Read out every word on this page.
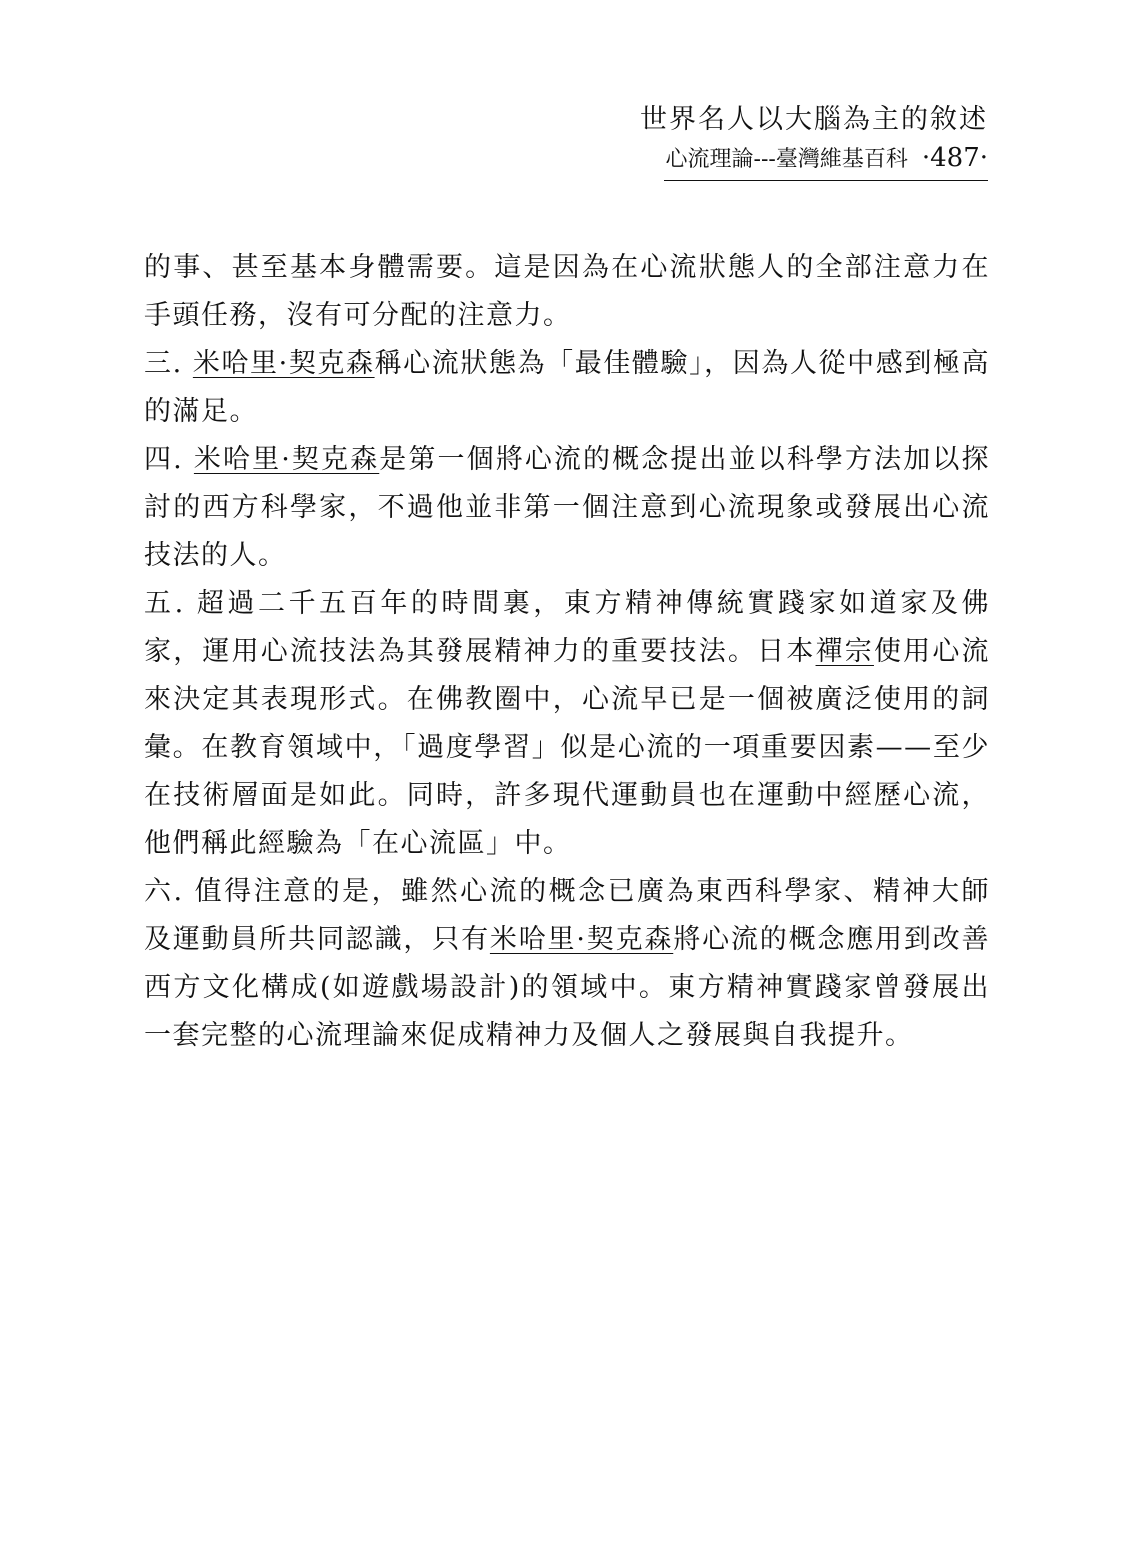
世界名人以大腦為主的敘述
心流理論---臺灣維基百科 ·487·

的事、甚至基本身體需要。這是因為在心流狀態人的全部注意力在手頭任務，沒有可分配的注意力。

三. 米哈里·契克森稱心流狀態為「最佳體驗」，因為人從中感到極高的滿足。

四. 米哈里·契克森是第一個將心流的概念提出並以科學方法加以探討的西方科學家，不過他並非第一個注意到心流現象或發展出心流技法的人。

五. 超過二千五百年的時間裏，東方精神傳統實踐家如道家及佛家，運用心流技法為其發展精神力的重要技法。日本禪宗使用心流來決定其表現形式。在佛教圈中，心流早已是一個被廣泛使用的詞彙。在教育領域中，「過度學習」似是心流的一項重要因素——至少在技術層面是如此。同時，許多現代運動員也在運動中經歷心流，他們稱此經驗為「在心流區」中。

六. 值得注意的是，雖然心流的概念已廣為東西科學家、精神大師及運動員所共同認識，只有米哈里·契克森將心流的概念應用到改善西方文化構成(如遊戲場設計)的領域中。東方精神實踐家曾發展出一套完整的心流理論來促成精神力及個人之發展與自我提升。
